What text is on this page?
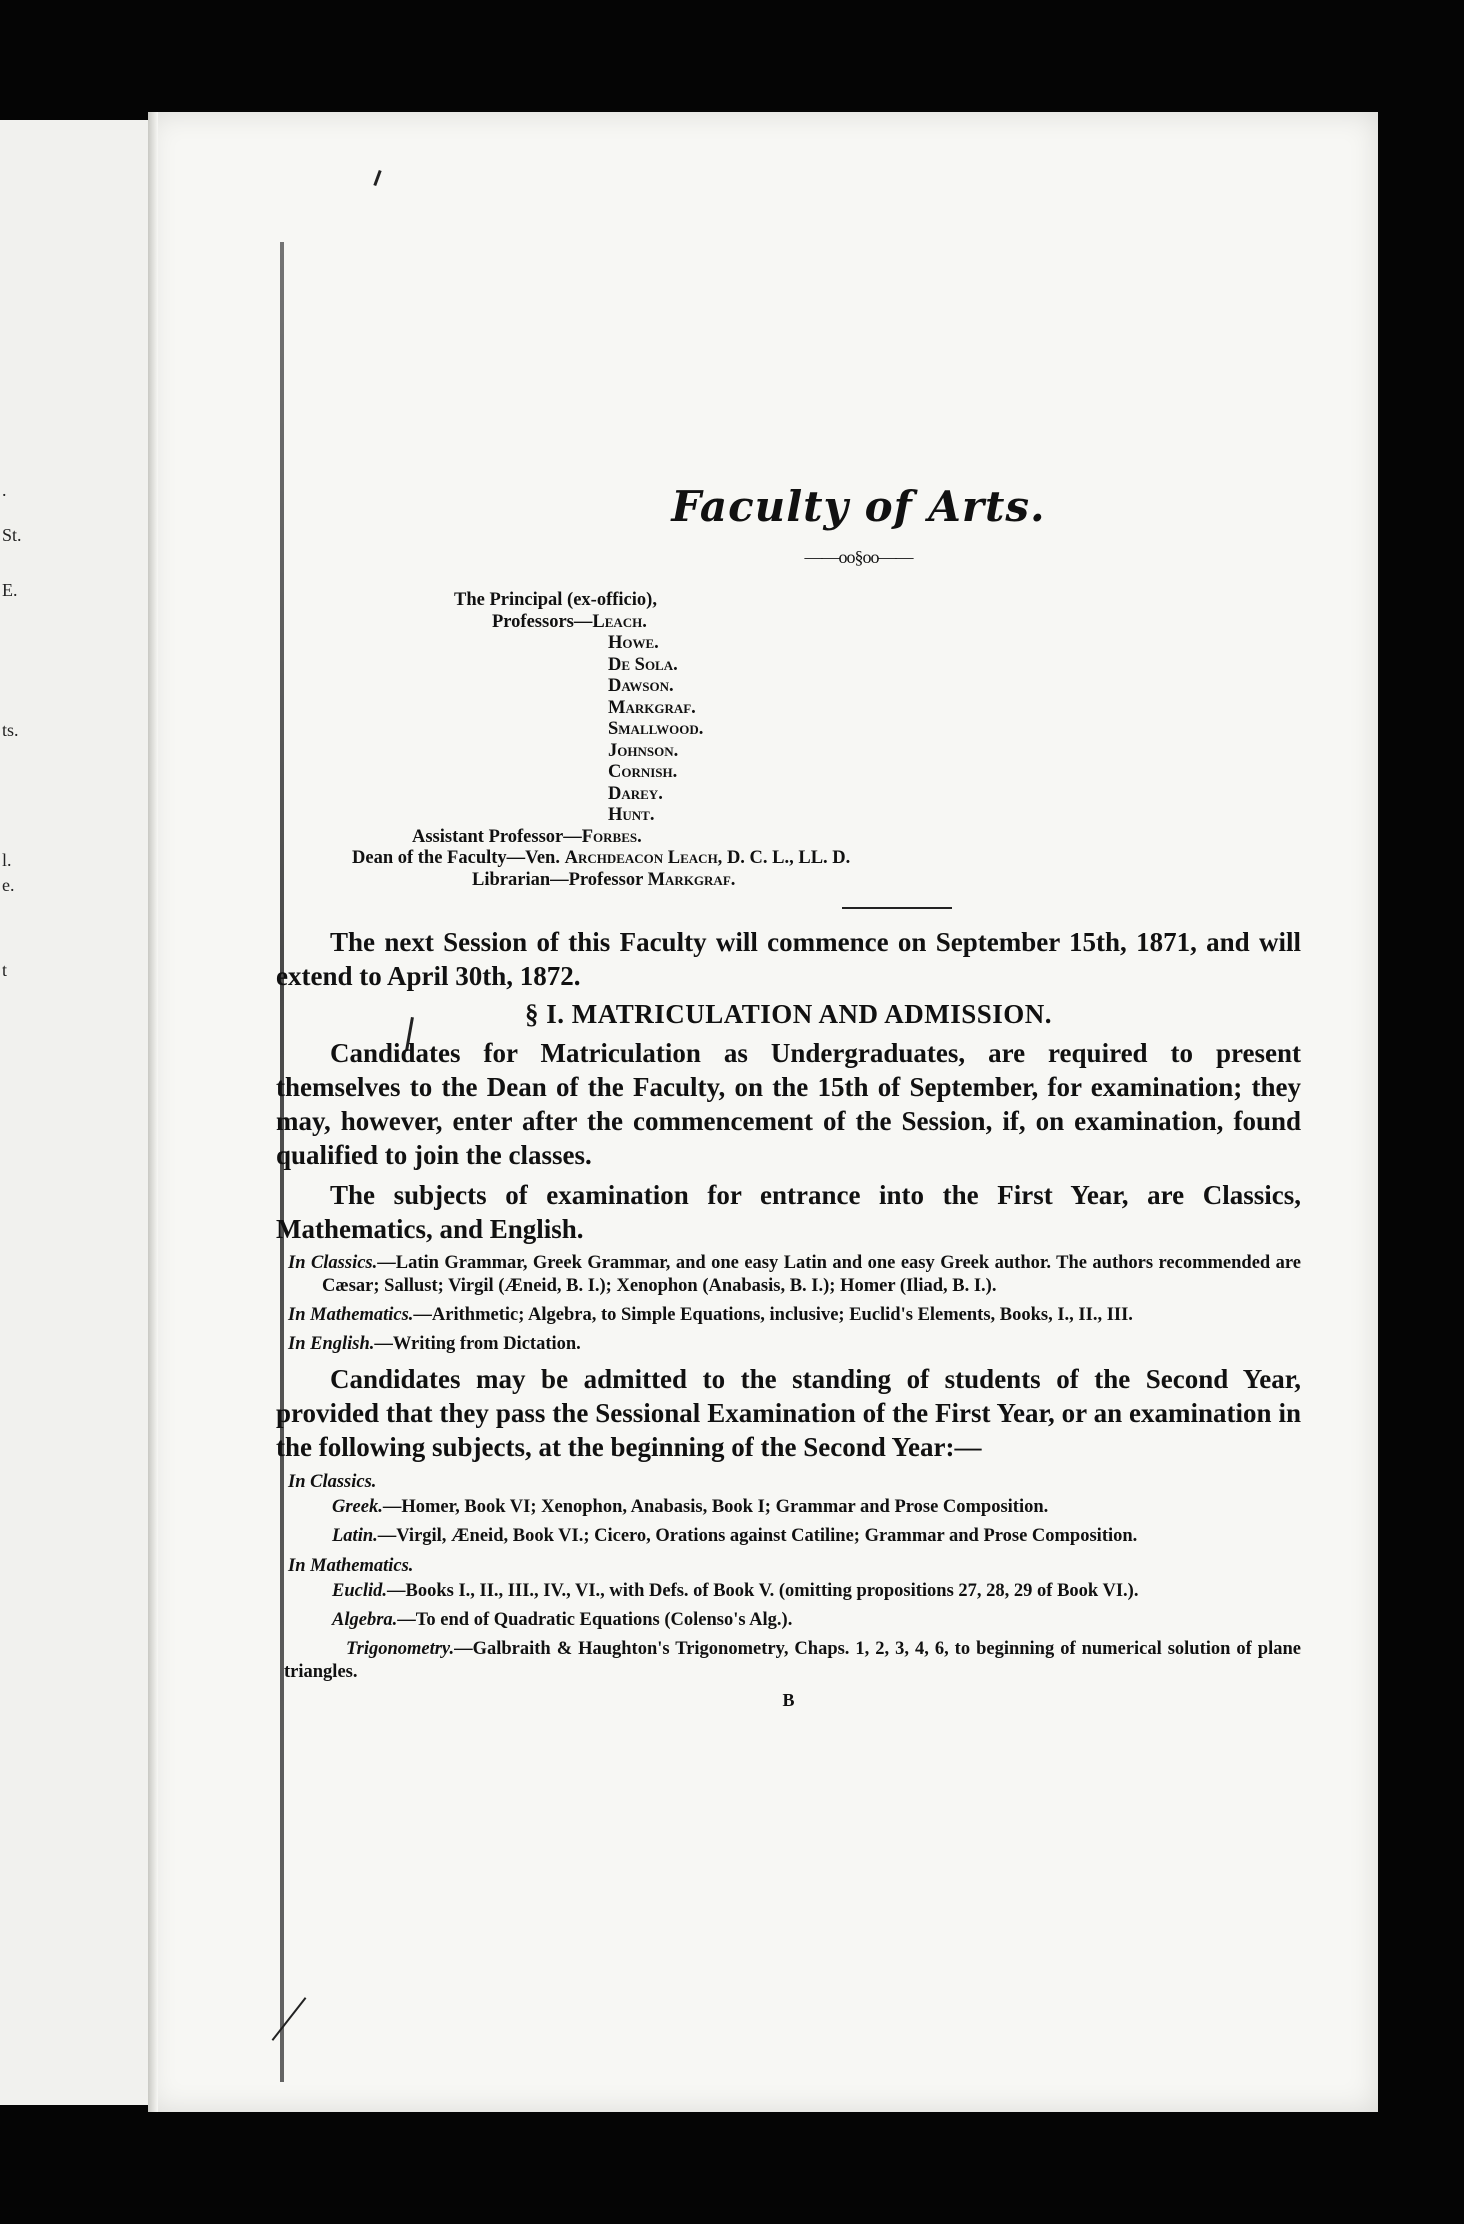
.
St.
E.
ts.
l.
e.
t
Faculty of Arts.
——oo§oo——
The Principal (ex-officio),
Professors—Leach.
Howe.
De Sola.
Dawson.
Markgraf.
Smallwood.
Johnson.
Cornish.
Darey.
Hunt.
Assistant Professor—Forbes.
Dean of the Faculty—Ven. Archdeacon Leach, D. C. L., LL. D.
Librarian—Professor Markgraf.

The next Session of this Faculty will commence on September 15th, 1871, and will extend to April 30th, 1872.

§ I. MATRICULATION AND ADMISSION.

Candidates for Matriculation as Undergraduates, are required to present themselves to the Dean of the Faculty, on the 15th of September, for examination; they may, however, enter after the commencement of the Session, if, on examination, found qualified to join the classes.

The subjects of examination for entrance into the First Year, are Classics, Mathematics, and English.

In Classics.—Latin Grammar, Greek Grammar, and one easy Latin and one easy Greek author. The authors recommended are Cæsar; Sallust; Virgil (Æneid, B. I.); Xenophon (Anabasis, B. I.); Homer (Iliad, B. I.).

In Mathematics.—Arithmetic; Algebra, to Simple Equations, inclusive; Euclid's Elements, Books, I., II., III.

In English.—Writing from Dictation.

Candidates may be admitted to the standing of students of the Second Year, provided that they pass the Sessional Examination of the First Year, or an examination in the following subjects, at the beginning of the Second Year:—

In Classics.

Greek.—Homer, Book VI; Xenophon, Anabasis, Book I; Grammar and Prose Composition.

Latin.—Virgil, Æneid, Book VI.; Cicero, Orations against Catiline; Grammar and Prose Composition.

In Mathematics.

Euclid.—Books I., II., III., IV., VI., with Defs. of Book V. (omitting propositions 27, 28, 29 of Book VI.).

Algebra.—To end of Quadratic Equations (Colenso's Alg.).

Trigonometry.—Galbraith & Haughton's Trigonometry, Chaps. 1, 2, 3, 4, 6, to beginning of numerical solution of plane triangles.

B
